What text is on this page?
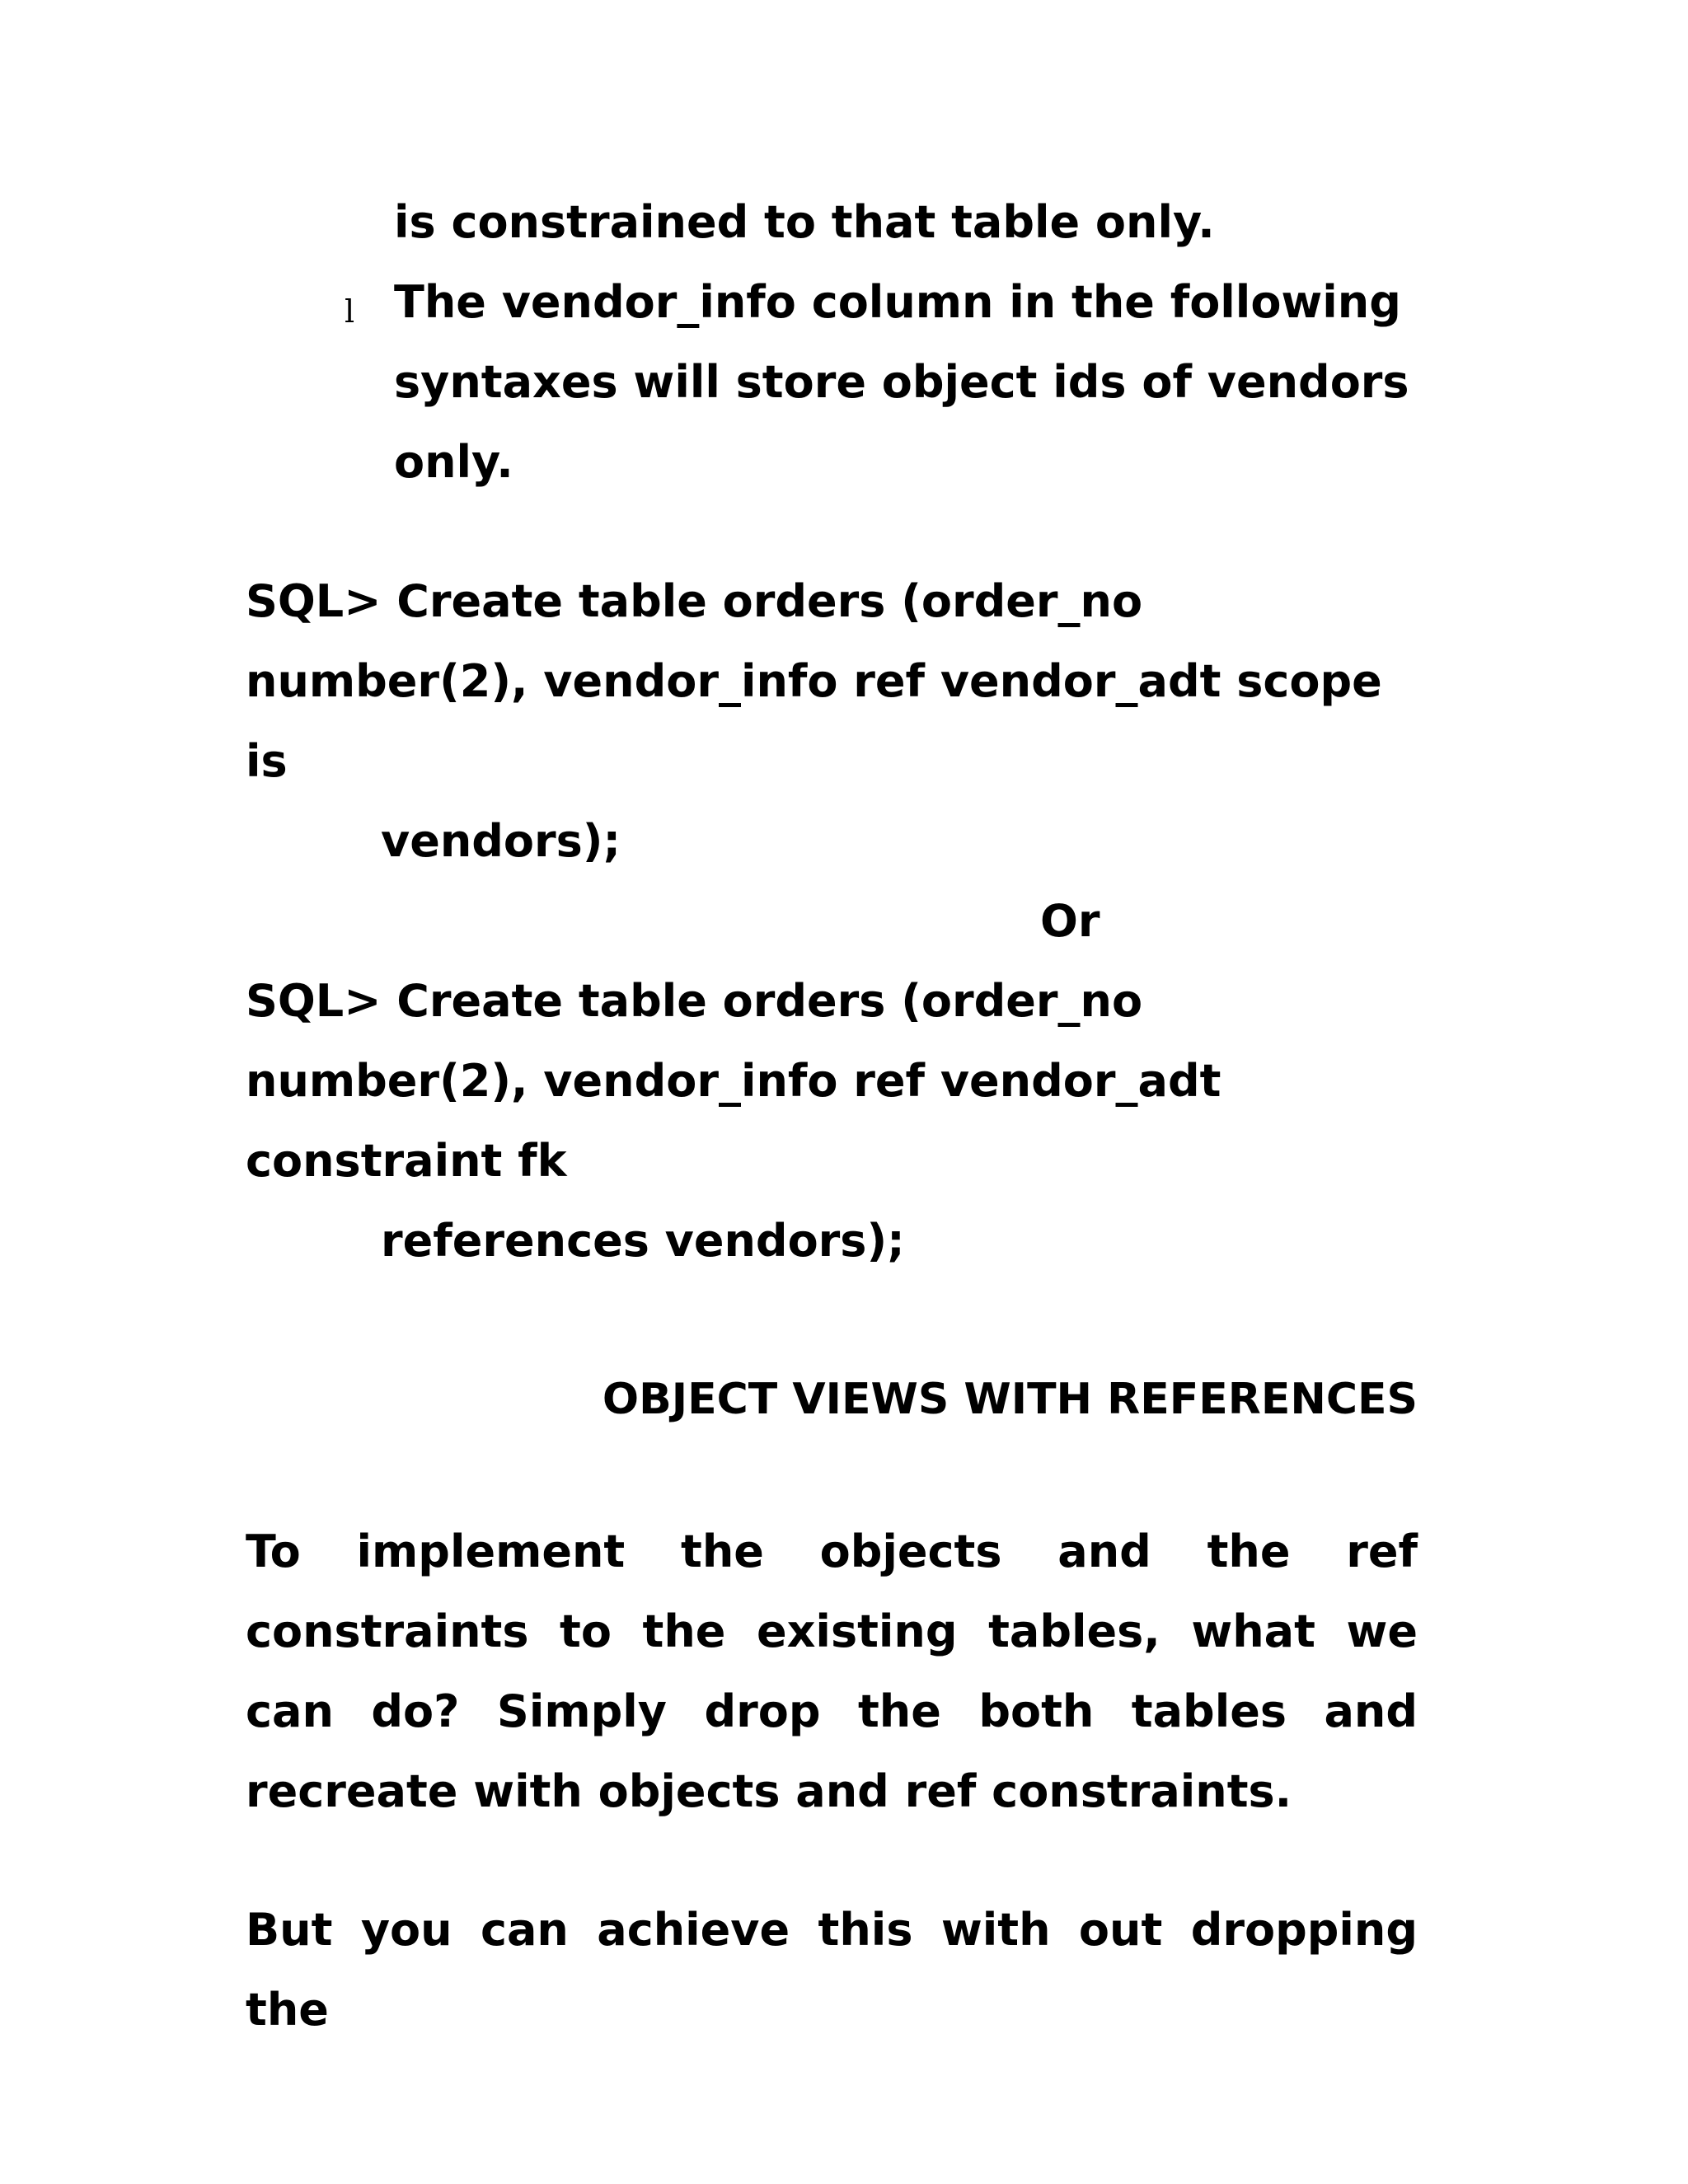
is constrained to that table only.

l The vendor_info column in the following

syntaxes will store object ids of vendors

only.

SQL> Create table orders (order_no

number(2), vendor_info ref vendor_adt scope

is

vendors);

Or

SQL> Create table orders (order_no

number(2), vendor_info ref vendor_adt

constraint fk

references vendors);

OBJECT VIEWS WITH REFERENCES

To implement the objects and the ref constraints to the existing tables, what we can do? Simply drop the both tables and recreate with objects and ref constraints.

But you can achieve this with out dropping the
